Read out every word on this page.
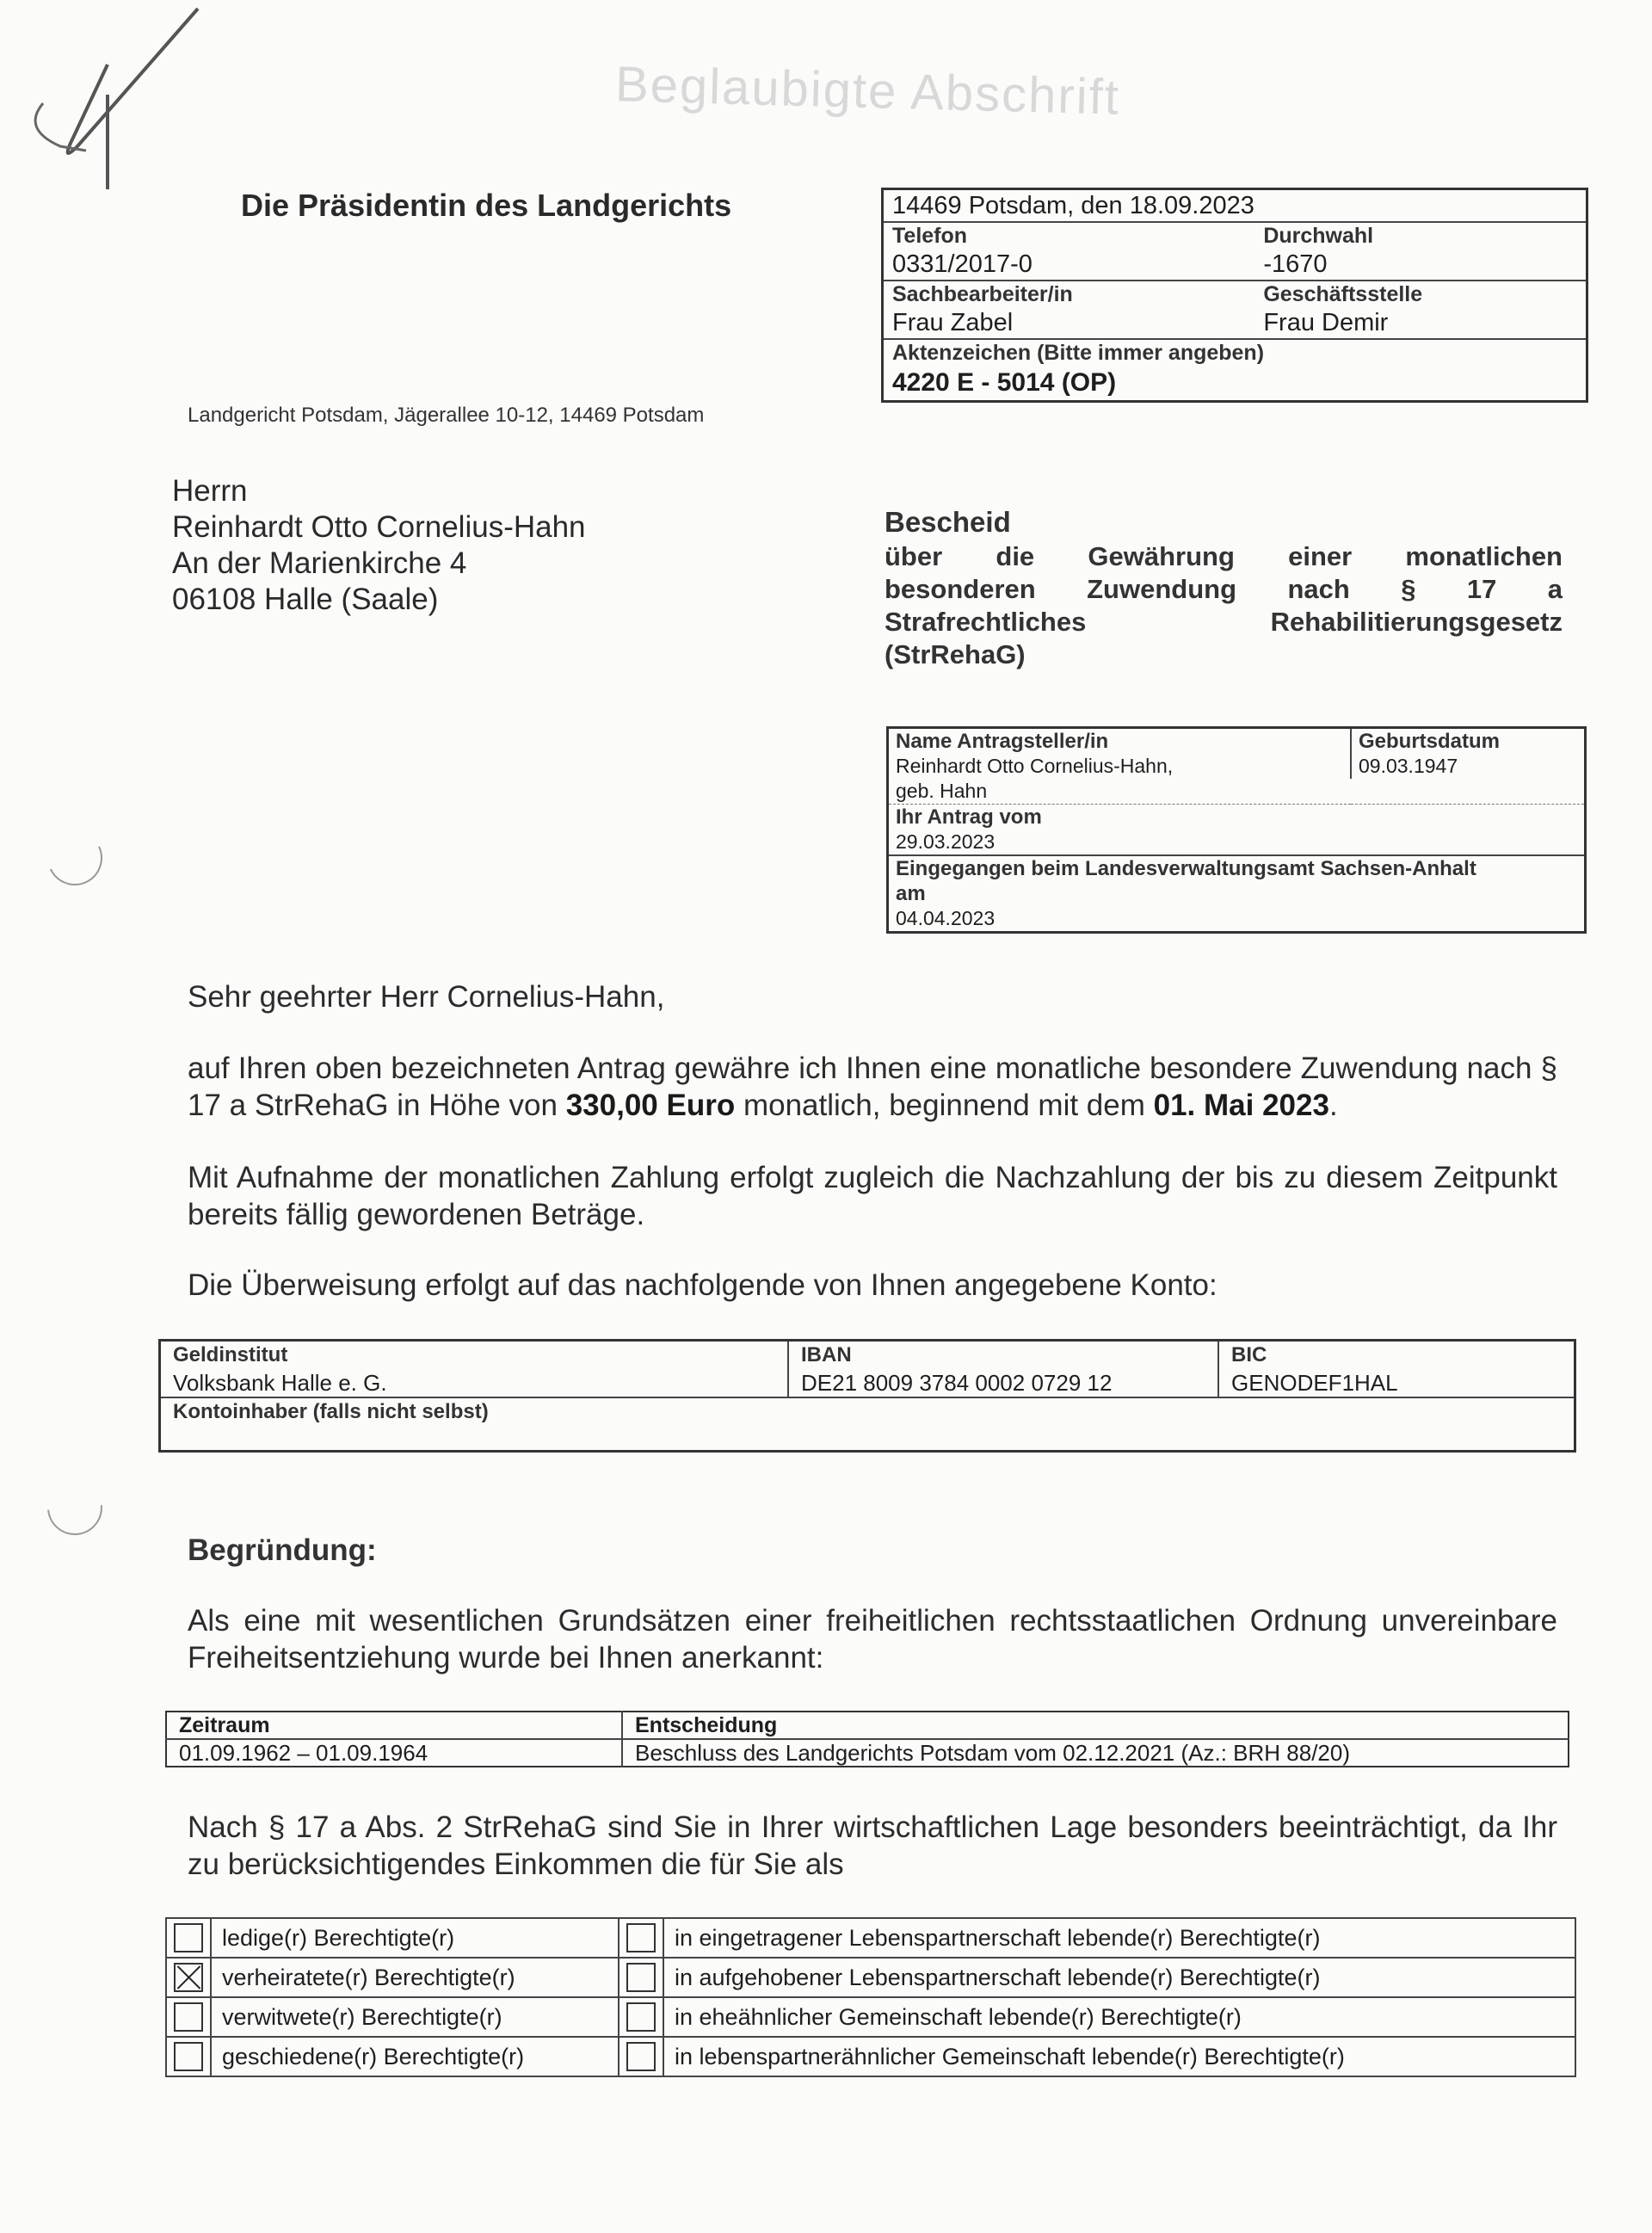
Beglaubigte Abschrift
Die Präsidentin des Landgerichts
Landgericht Potsdam, Jägerallee 10-12, 14469 Potsdam
14469 Potsdam, den 18.09.2023	
Telefon	Durchwahl
0331/2017-0	-1670
Sachbearbeiter/in	Geschäftsstelle
Frau Zabel	Frau Demir
Aktenzeichen (Bitte immer angeben)	
4220 E - 5014 (OP)	
Herrn
Reinhardt Otto Cornelius-Hahn
An der Marienkirche 4
06108 Halle (Saale)
Bescheid
über die Gewährung einer monatlichen
besonderen Zuwendung nach § 17 a
Strafrechtliches Rehabilitierungsgesetz
(StrRehaG)
Name Antragsteller/in	Geburtsdatum
Reinhardt Otto Cornelius-Hahn,	09.03.1947
geb. Hahn	
Ihr Antrag vom	
29.03.2023	
Eingegangen beim Landesverwaltungsamt Sachsen-Anhalt	
am	
04.04.2023	
Sehr geehrter Herr Cornelius-Hahn,
auf Ihren oben bezeichneten Antrag gewähre ich Ihnen eine monatliche besondere Zuwendung nach § 17 a StrRehaG in Höhe von 330,00 Euro monatlich, beginnend mit dem 01. Mai 2023.
Mit Aufnahme der monatlichen Zahlung erfolgt zugleich die Nachzahlung der bis zu diesem Zeitpunkt bereits fällig gewordenen Beträge.
Die Überweisung erfolgt auf das nachfolgende von Ihnen angegebene Konto:
Geldinstitut	IBAN	BIC
Volksbank Halle e. G.	DE21 8009 3784 0002 0729 12	GENODEF1HAL
Kontoinhaber (falls nicht selbst)		
Begründung:
Als eine mit wesentlichen Grundsätzen einer freiheitlichen rechtsstaatlichen Ordnung unvereinbare Freiheitsentziehung wurde bei Ihnen anerkannt:
Zeitraum	Entscheidung
01.09.1962 – 01.09.1964	Beschluss des Landgerichts Potsdam vom 02.12.2021 (Az.: BRH 88/20)
Nach § 17 a Abs. 2 StrRehaG sind Sie in Ihrer wirtschaftlichen Lage besonders beeinträchtigt, da Ihr zu berücksichtigendes Einkommen die für Sie als
	ledige(r) Berechtigte(r)		in eingetragener Lebenspartnerschaft lebende(r) Berechtigte(r)
	verheiratete(r) Berechtigte(r)		in aufgehobener Lebenspartnerschaft lebende(r) Berechtigte(r)
	verwitwete(r) Berechtigte(r)		in eheähnlicher Gemeinschaft lebende(r) Berechtigte(r)
	geschiedene(r) Berechtigte(r)		in lebenspartnerähnlicher Gemeinschaft lebende(r) Berechtigte(r)
